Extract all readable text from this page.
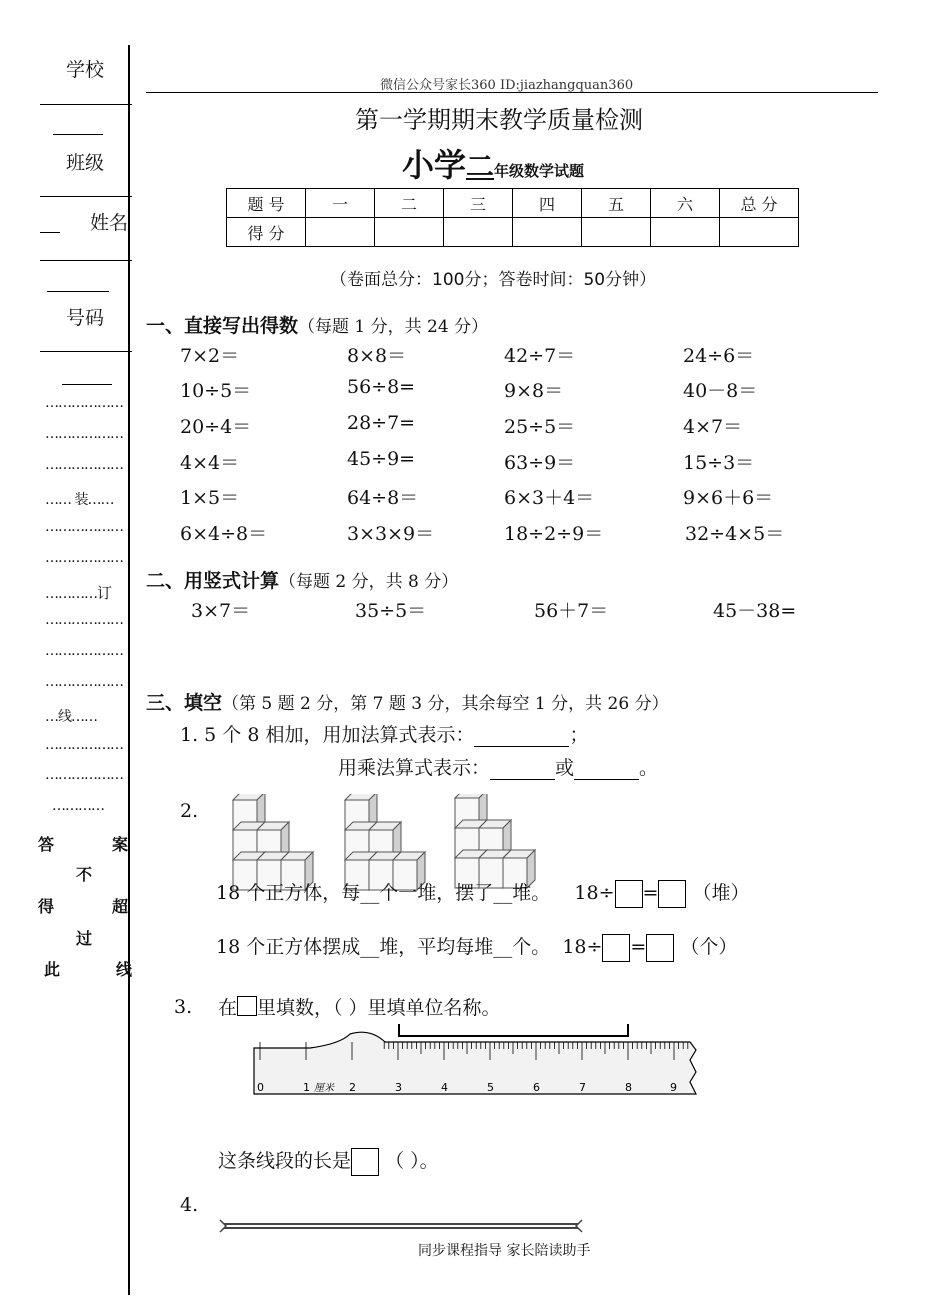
微信公众号家长360 ID:jiazhangquan360
学校
班级
姓名
号码
………………
………………
………………
…… 装……
………………
………………
…………订
………………
………………
………………
…线……
………………
………………
…………
答	案
不
得	超
过
此	线
第一学期期末教学质量检测
小学二年级数学试题
题 号	一	二	三	四	五	六	总 分
得 分							
（卷面总分：100分；答卷时间：50分钟）
一、直接写出得数（每题 1 分，共 24 分）
7×2＝	8×8＝	42÷7＝	24÷6＝
10÷5＝	56÷8=	9×8＝	40－8＝
20÷4＝	28÷7=	25÷5＝	4×7＝
4×4＝	45÷9=	63÷9＝	15÷3＝
1×5＝	64÷8＝	6×3＋4＝	9×6＋6＝
6×4÷8＝	3×3×9＝	18÷2÷9＝	32÷4×5＝
二、用竖式计算（每题 2 分，共 8 分）
3×7＝	35÷5＝	56＋7＝	45－38=
三、填空（第 5 题 2 分，第 7 题 3 分，其余每空 1 分，共 26 分）
1. 5 个 8 相加，用加法算式表示：	；
用乘法算式表示：	或	。
2.
18 个正方体，每__个一堆，摆了__堆。 18÷ = （堆）
18 个正方体摆成__堆，平均每堆__个。 18÷ = （个）
3. 在 里填数，（ ）里填单位名称。
0	1 厘米 2	3	4	5	6	7	8	9
这条线段的长是 （ ）。
4.
同步课程指导 家长陪读助手
